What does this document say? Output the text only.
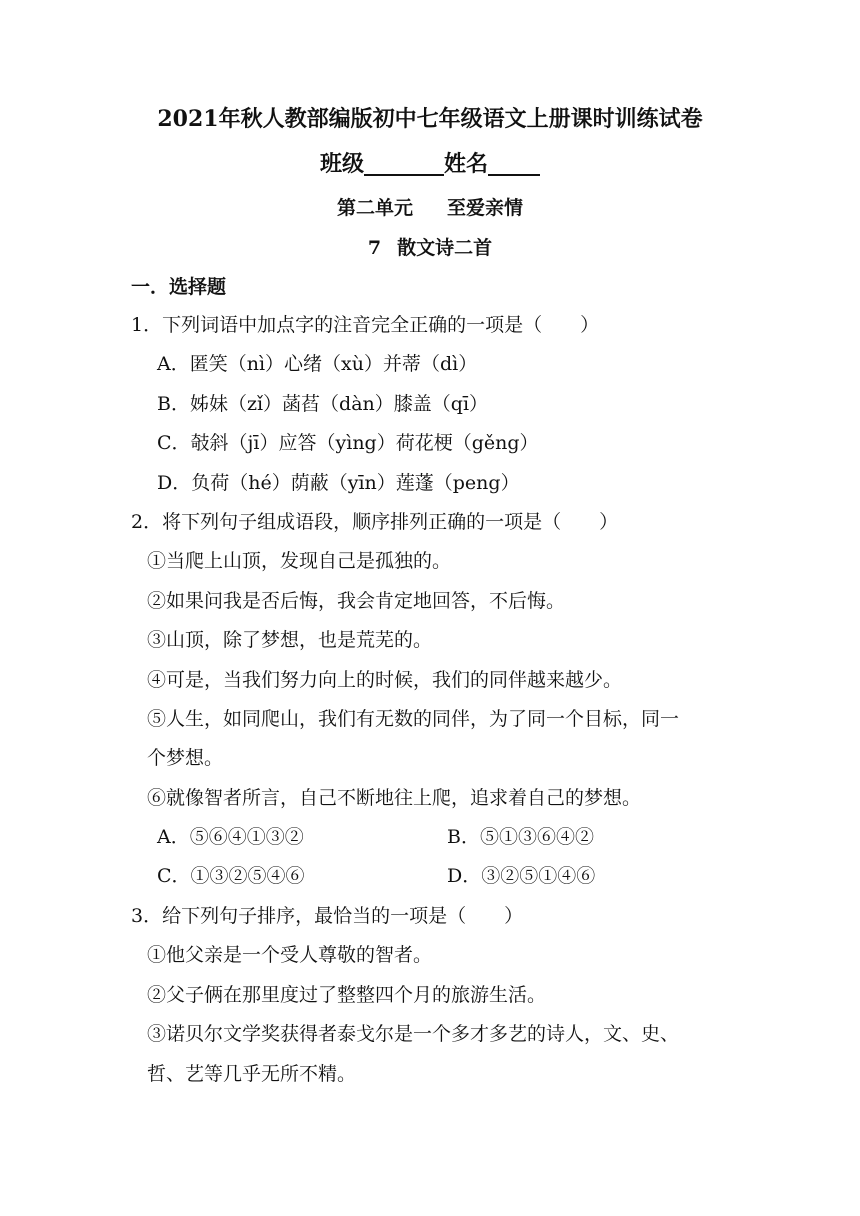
2021年秋人教部编版初中七年级语文上册课时训练试卷
班级	姓名
第二单元 至爱亲情
7 散文诗二首
一．选择题
1．下列词语中加点字的注音完全正确的一项是（　　）
A．匿笑（nì）心绪（xù）并蒂（dì）
B．姊妹（zǐ）菡萏（dàn）膝盖（qī）
C．攲斜（jī）应答（yìng）荷花梗（gěng）
D．负荷（hé）荫蔽（yīn）莲蓬（peng）
2．将下列句子组成语段，顺序排列正确的一项是（　　）
①当爬上山顶，发现自己是孤独的。
②如果问我是否后悔，我会肯定地回答，不后悔。
③山顶，除了梦想，也是荒芜的。
④可是，当我们努力向上的时候，我们的同伴越来越少。
⑤人生，如同爬山，我们有无数的同伴，为了同一个目标，同一
个梦想。
⑥就像智者所言，自己不断地往上爬，追求着自己的梦想。
A．⑤⑥④①③②	B．⑤①③⑥④②
C．①③②⑤④⑥	D．③②⑤①④⑥
3．给下列句子排序，最恰当的一项是（　　）
①他父亲是一个受人尊敬的智者。
②父子俩在那里度过了整整四个月的旅游生活。
③诺贝尔文学奖获得者泰戈尔是一个多才多艺的诗人，文、史、
哲、艺等几乎无所不精。
